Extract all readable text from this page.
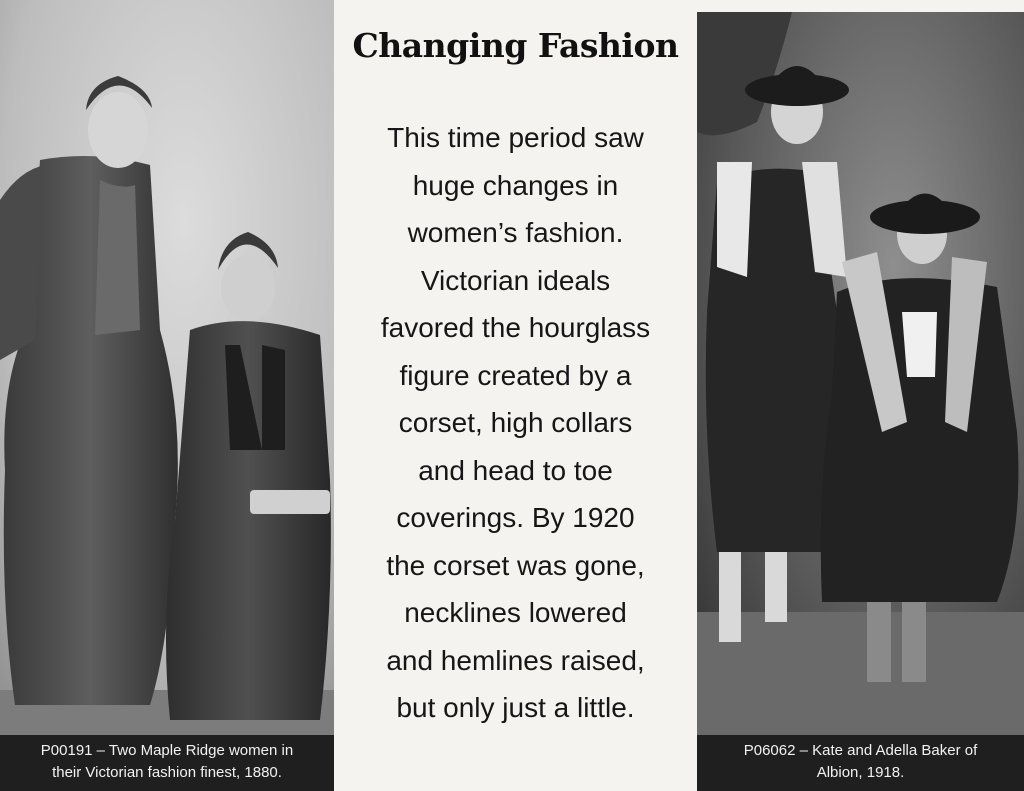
P00191 – Two Maple Ridge women in
their Victorian fashion finest, 1880.
P06062 – Kate and Adella Baker of
Albion, 1918.
Changing Fashion
This time period saw
huge changes in
women’s fashion.
Victorian ideals
favored the hourglass
figure created by a
corset, high collars
and head to toe
coverings. By 1920
the corset was gone,
necklines lowered
and hemlines raised,
but only just a little.
